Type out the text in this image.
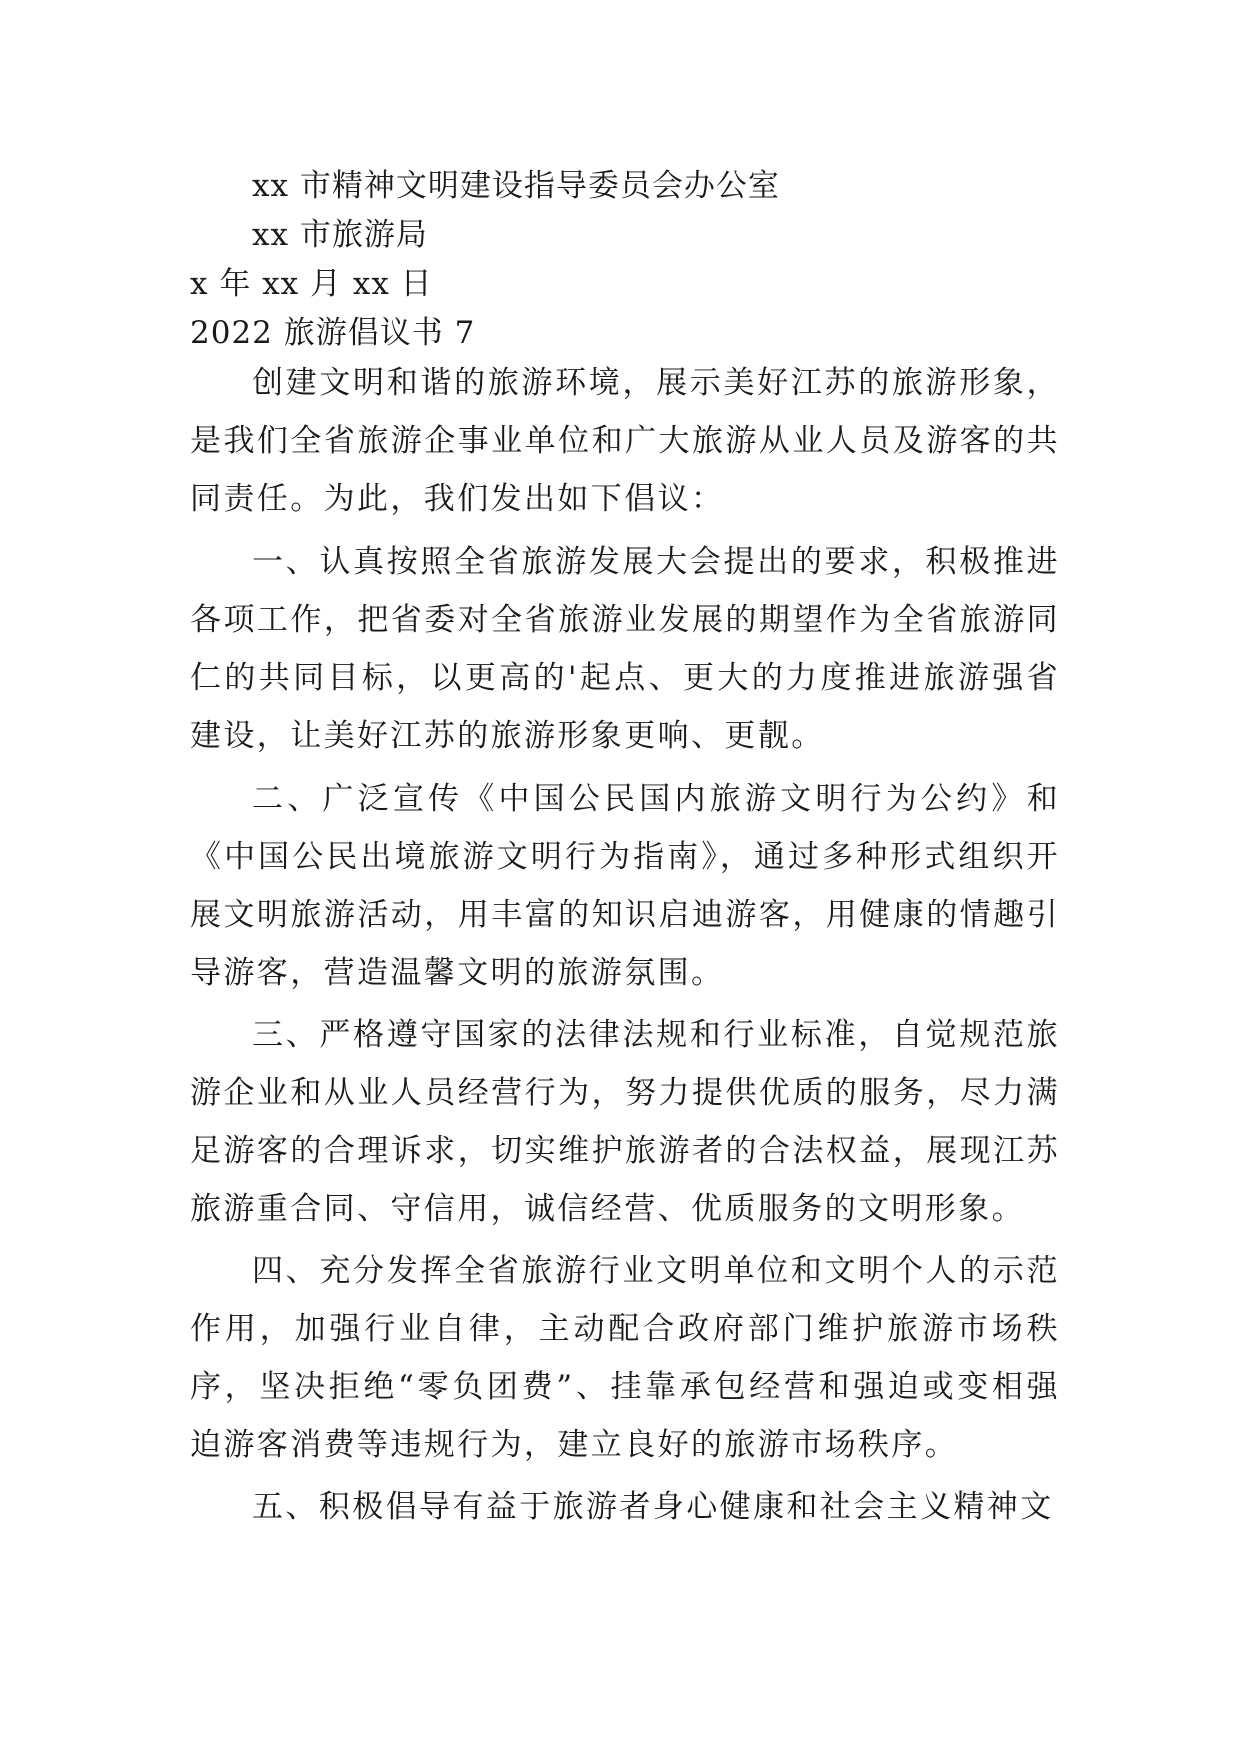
xx 市精神文明建设指导委员会办公室
xx 市旅游局
x 年 xx 月 xx 日
2022 旅游倡议书 7
创建文明和谐的旅游环境，展示美好江苏的旅游形象，是我们全省旅游企事业单位和广大旅游从业人员及游客的共同责任。为此，我们发出如下倡议：
一、认真按照全省旅游发展大会提出的要求，积极推进各项工作，把省委对全省旅游业发展的期望作为全省旅游同仁的共同目标，以更高的'起点、更大的力度推进旅游强省建设，让美好江苏的旅游形象更响、更靓。
二、广泛宣传《中国公民国内旅游文明行为公约》和《中国公民出境旅游文明行为指南》，通过多种形式组织开展文明旅游活动，用丰富的知识启迪游客，用健康的情趣引导游客，营造温馨文明的旅游氛围。
三、严格遵守国家的法律法规和行业标准，自觉规范旅游企业和从业人员经营行为，努力提供优质的服务，尽力满足游客的合理诉求，切实维护旅游者的合法权益，展现江苏旅游重合同、守信用，诚信经营、优质服务的文明形象。
四、充分发挥全省旅游行业文明单位和文明个人的示范作用，加强行业自律，主动配合政府部门维护旅游市场秩序，坚决拒绝“零负团费”、挂靠承包经营和强迫或变相强迫游客消费等违规行为，建立良好的旅游市场秩序。
五、积极倡导有益于旅游者身心健康和社会主义精神文
